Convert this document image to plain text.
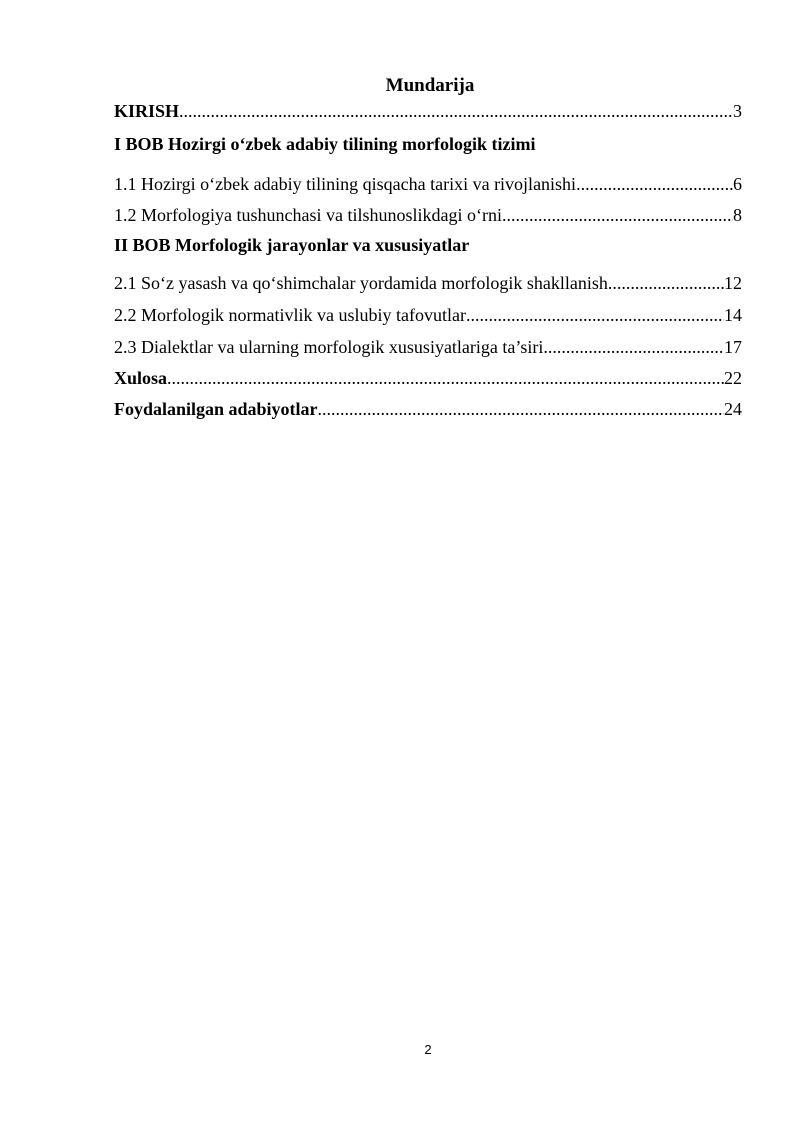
Mundarija
KIRISH .....	3
I BOB Hozirgi o‘zbek adabiy tilining morfologik tizimi
1.1 Hozirgi o‘zbek adabiy tilining qisqacha tarixi va rivojlanishi .....	6
1.2 Morfologiya tushunchasi va tilshunoslikdagi o‘rni .....	8
II BOB Morfologik jarayonlar va xususiyatlar
2.1 So‘z yasash va qo‘shimchalar yordamida morfologik shakllanish .....	12
2.2 Morfologik normativlik va uslubiy tafovutlar .....	14
2.3 Dialektlar va ularning morfologik xususiyatlariga ta’siri .....	17
Xulosa .....	22
Foydalanilgan adabiyotlar .....	24
2
